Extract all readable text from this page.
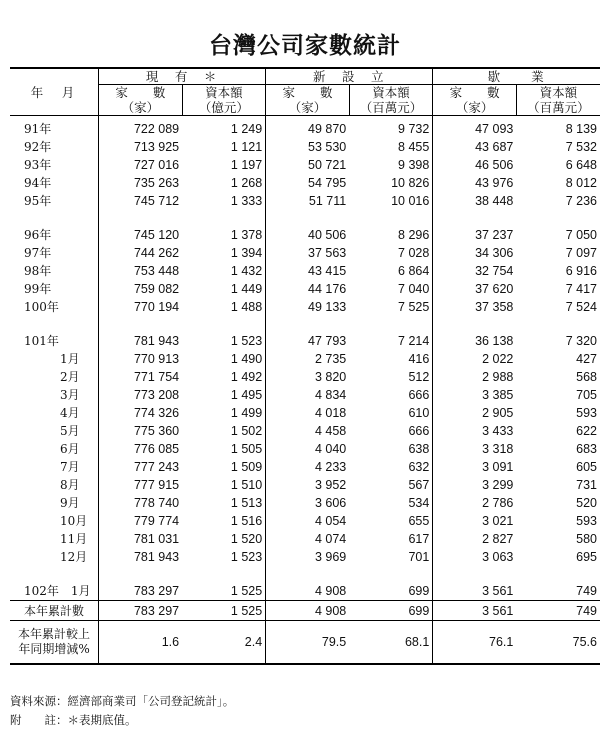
台灣公司家數統計
年　月	現　有　＊		新　設　立		歇　　業	
	家　　數	資本額	家　　數	資本額	家　　數	資本額
	（家）	（億元）	（家）	（百萬元）	（家）	（百萬元）
91年	722 089	1 249	49 870	9 732	47 093	8 139
92年	713 925	1 121	53 530	8 455	43 687	7 532
93年	727 016	1 197	50 721	9 398	46 506	6 648
94年	735 263	1 268	54 795	10 826	43 976	8 012
95年	745 712	1 333	51 711	10 016	38 448	7 236

96年	745 120	1 378	40 506	8 296	37 237	7 050
97年	744 262	1 394	37 563	7 028	34 306	7 097
98年	753 448	1 432	43 415	6 864	32 754	6 916
99年	759 082	1 449	44 176	7 040	37 620	7 417
100年	770 194	1 488	49 133	7 525	37 358	7 524

101年	781 943	1 523	47 793	7 214	36 138	7 320
1月	770 913	1 490	2 735	416	2 022	427
2月	771 754	1 492	3 820	512	2 988	568
3月	773 208	1 495	4 834	666	3 385	705
4月	774 326	1 499	4 018	610	2 905	593
5月	775 360	1 502	4 458	666	3 433	622
6月	776 085	1 505	4 040	638	3 318	683
7月	777 243	1 509	4 233	632	3 091	605
8月	777 915	1 510	3 952	567	3 299	731
9月	778 740	1 513	3 606	534	2 786	520
10月	779 774	1 516	4 054	655	3 021	593
11月	781 031	1 520	4 074	617	2 827	580
12月	781 943	1 523	3 969	701	3 063	695

102年　1月	783 297	1 525	4 908	699	3 561	749
本年累計數	783 297	1 525	4 908	699	3 561	749

本年累計較上
年同期增減%	1.6	2.4	79.5	68.1	76.1	75.6
資料來源：經濟部商業司「公司登記統計」。
附　　註：＊表期底值。
